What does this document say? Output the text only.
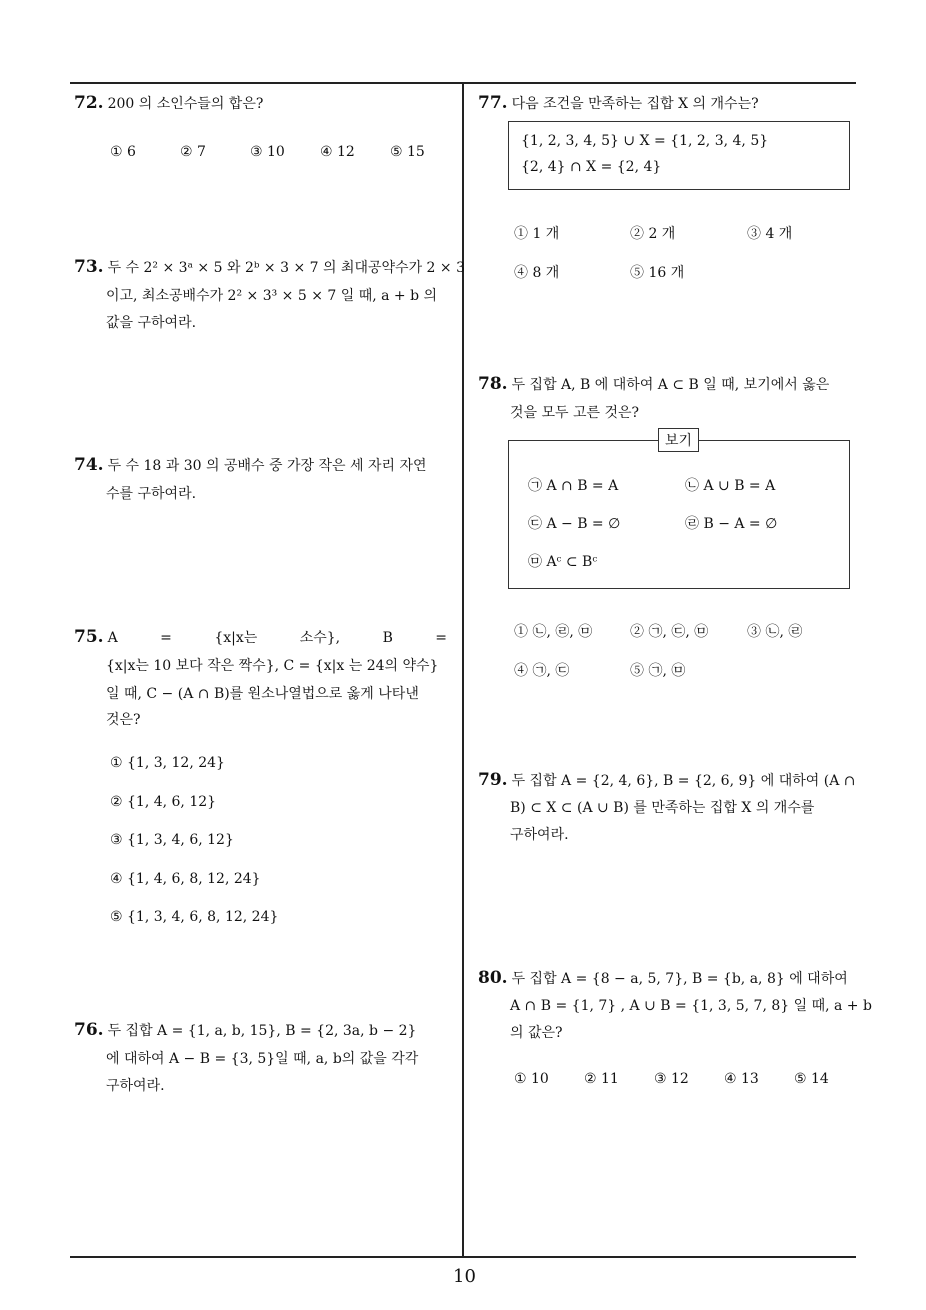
72. 200 의 소인수들의 합은?
① 6	② 7	③ 10	④ 12	⑤ 15
73. 두 수 2² × 3ᵃ × 5 와 2ᵇ × 3 × 7 의 최대공약수가 2 × 3
이고, 최소공배수가 2² × 3³ × 5 × 7 일 때, a + b 의
값을 구하여라.
74. 두 수 18 과 30 의 공배수 중 가장 작은 세 자리 자연
수를 구하여라.
75. A = {x|x는 소수}, B =
{x|x는 10 보다 작은 짝수}, C = {x|x 는 24의 약수}
일 때, C − (A ∩ B)를 원소나열법으로 옳게 나타낸
것은?
① {1, 3, 12, 24}
② {1, 4, 6, 12}
③ {1, 3, 4, 6, 12}
④ {1, 4, 6, 8, 12, 24}
⑤ {1, 3, 4, 6, 8, 12, 24}
76. 두 집합 A = {1, a, b, 15}, B = {2, 3a, b − 2}
에 대하여 A − B = {3, 5}일 때, a, b의 값을 각각
구하여라.
77. 다음 조건을 만족하는 집합 X 의 개수는?
{1, 2, 3, 4, 5} ∪ X = {1, 2, 3, 4, 5}
{2, 4} ∩ X = {2, 4}
① 1 개	② 2 개	③ 4 개
④ 8 개	⑤ 16 개
78. 두 집합 A, B 에 대하여 A ⊂ B 일 때, 보기에서 옳은
것을 모두 고른 것은?
보기
㉠ A ∩ B = A	㉡ A ∪ B = A
㉢ A − B = ∅	㉣ B − A = ∅
㉤ Aᶜ ⊂ Bᶜ
① ㉡, ㉣, ㉤	② ㉠, ㉢, ㉤	③ ㉡, ㉣
④ ㉠, ㉢	⑤ ㉠, ㉤
79. 두 집합 A = {2, 4, 6}, B = {2, 6, 9} 에 대하여 (A ∩
B) ⊂ X ⊂ (A ∪ B) 를 만족하는 집합 X 의 개수를
구하여라.
80. 두 집합 A = {8 − a, 5, 7}, B = {b, a, 8} 에 대하여
A ∩ B = {1, 7} , A ∪ B = {1, 3, 5, 7, 8} 일 때, a + b
의 값은?
① 10	② 11	③ 12	④ 13	⑤ 14
10
